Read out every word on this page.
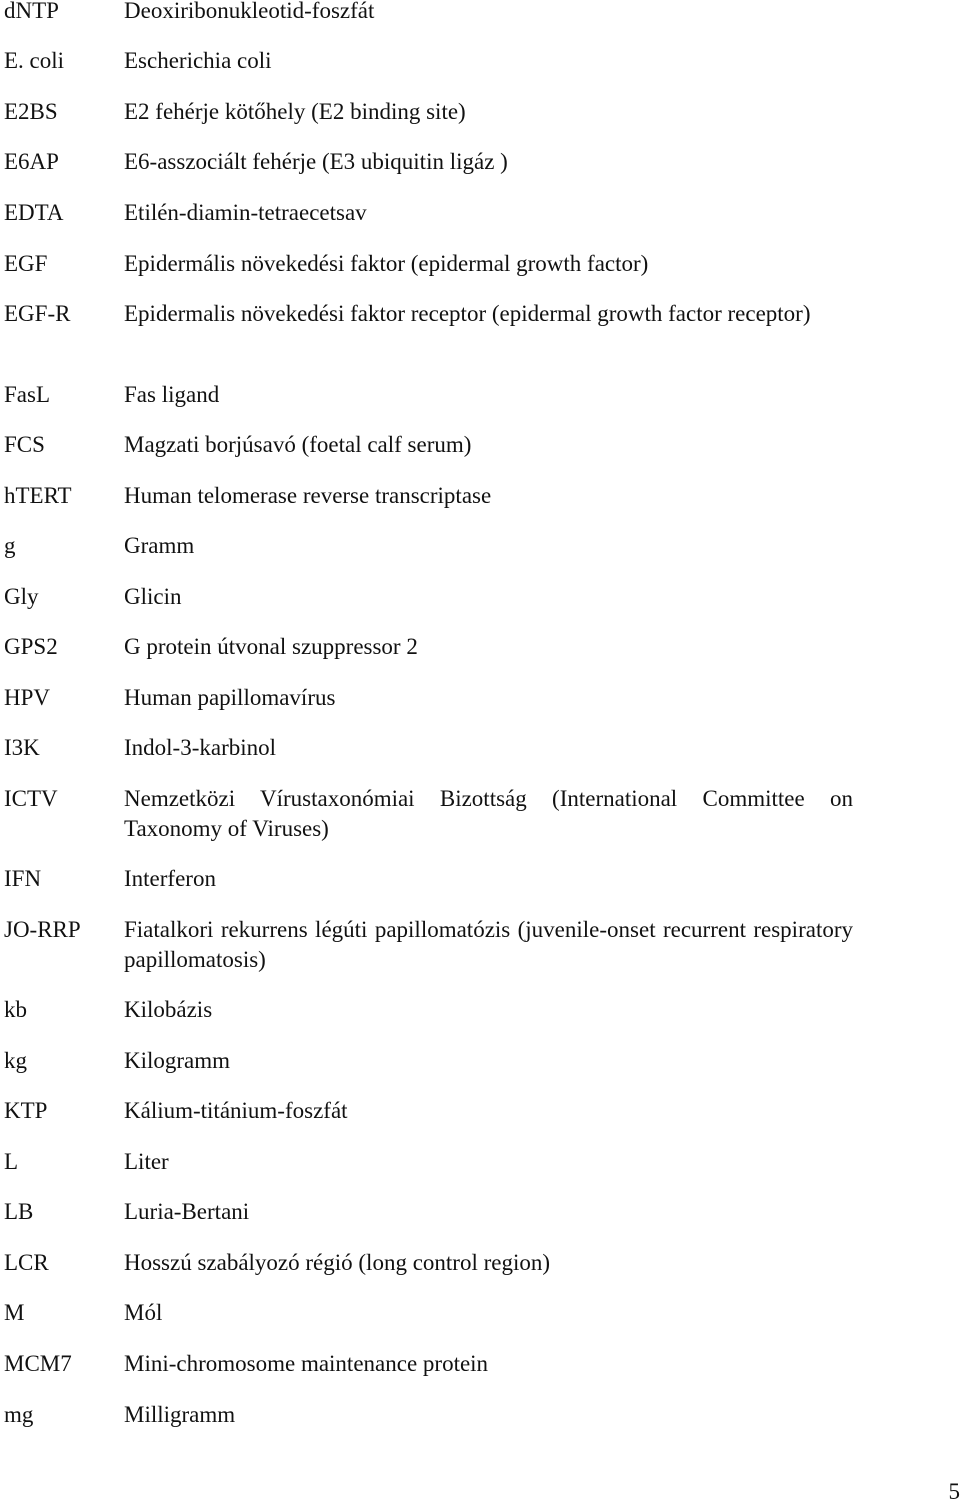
dNTP	Deoxiribonukleotid-foszfát
E. coli	Escherichia coli
E2BS	E2 fehérje kötőhely (E2 binding site)
E6AP	E6-asszociált fehérje (E3 ubiquitin ligáz )
EDTA	Etilén-diamin-tetraecetsav
EGF	Epidermális növekedési faktor (epidermal growth factor)
EGF-R Epidermalis növekedési faktor receptor (epidermal growth factor receptor)
FasL	Fas ligand
FCS	Magzati borjúsavó (foetal calf serum)
hTERT Human telomerase reverse transcriptase
g	Gramm
Gly	Glicin
GPS2	G protein útvonal szuppressor 2
HPV	Human papillomavírus
I3K	Indol-3-karbinol
ICTV	Nemzetközi Vírustaxonómiai Bizottság (International Committee on Taxonomy of Viruses)
IFN	Interferon
JO-RRP Fiatalkori rekurrens légúti papillomatózis (juvenile-onset recurrent respiratory papillomatosis)
kb	Kilobázis
kg	Kilogramm
KTP	Kálium-titánium-foszfát
L	Liter
LB	Luria-Bertani
LCR	Hosszú szabályozó régió (long control region)
M	Mól
MCM7 Mini-chromosome maintenance protein
mg	Milligramm
5
